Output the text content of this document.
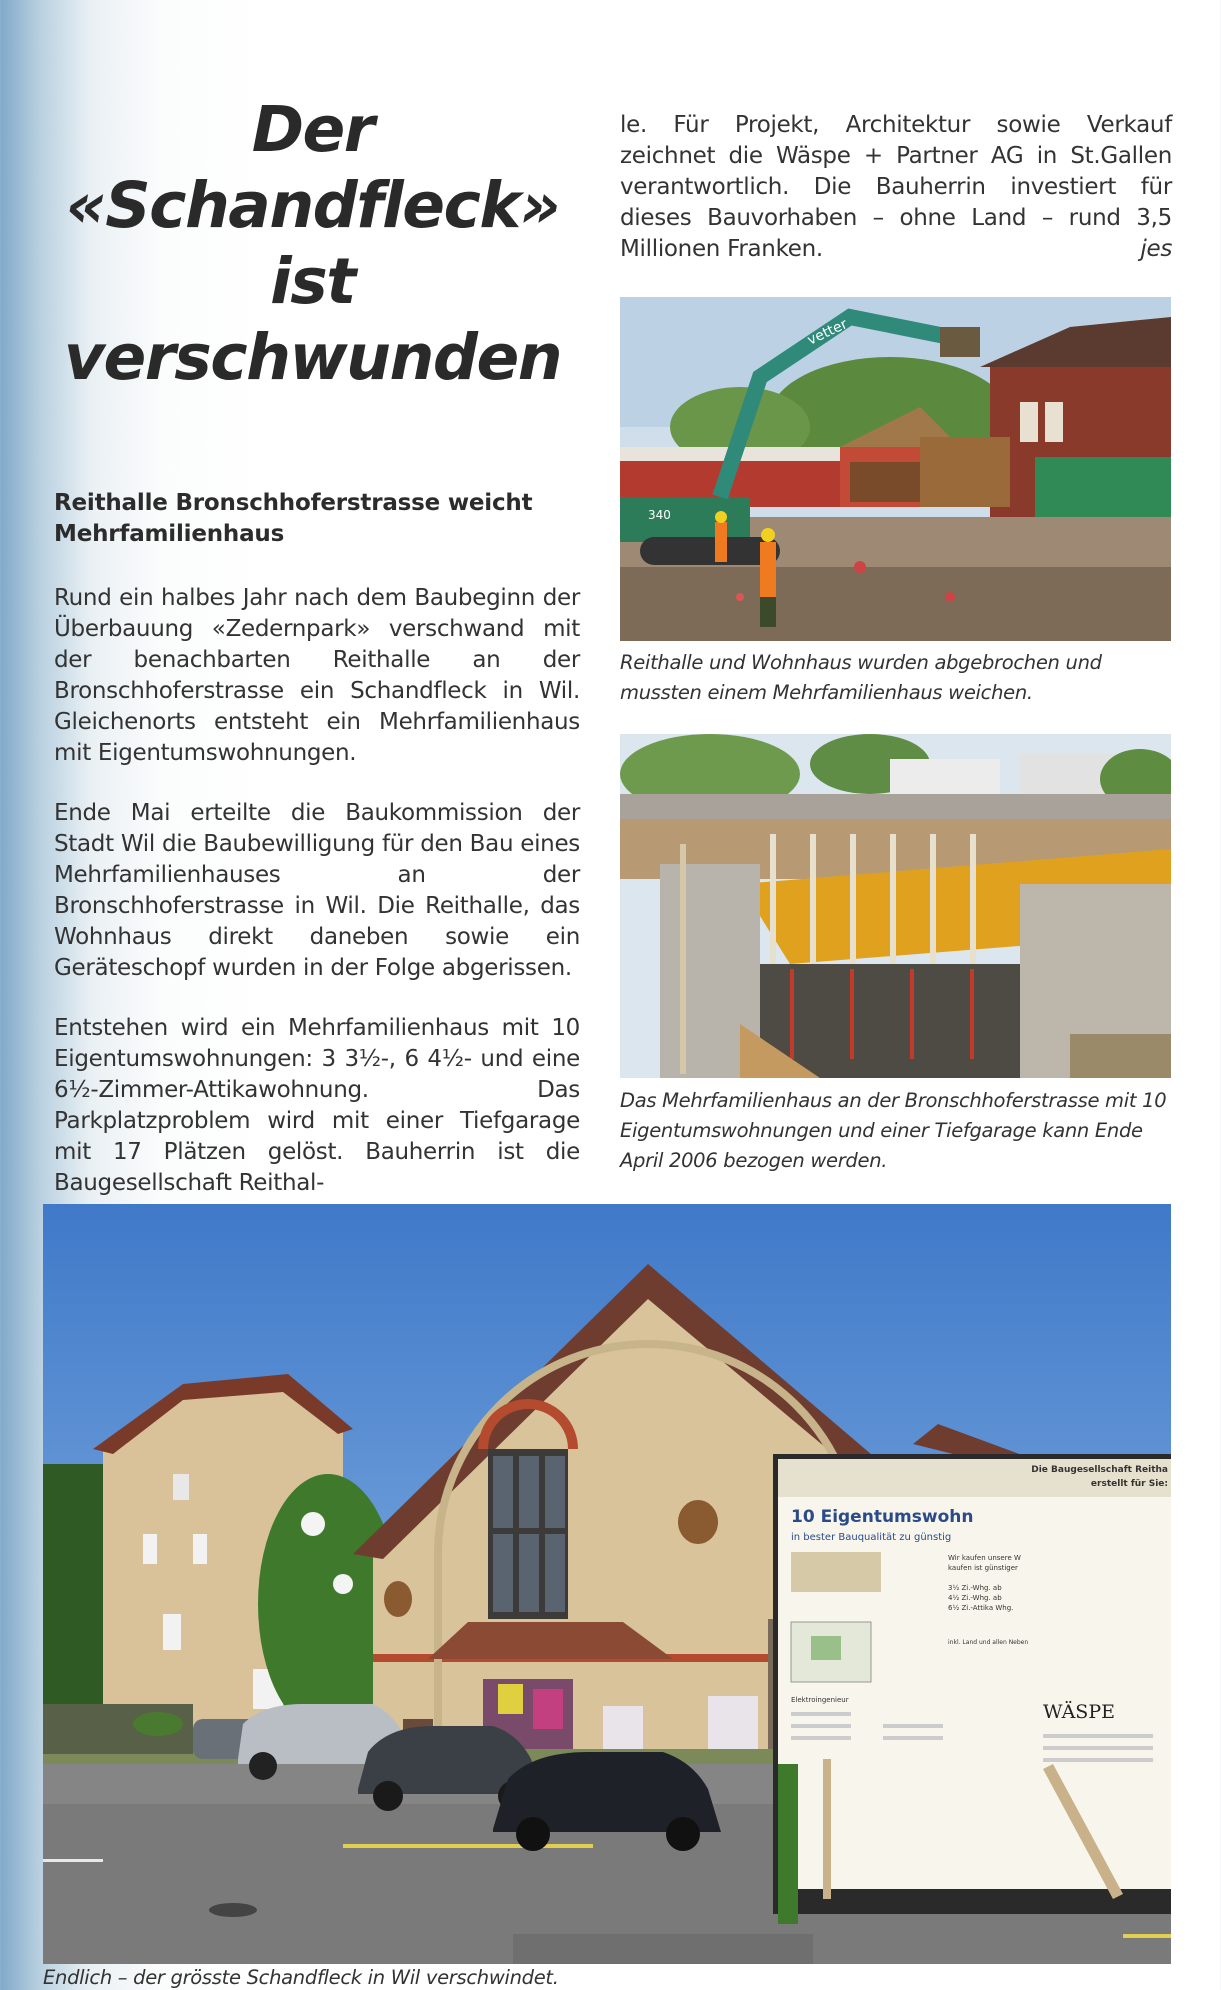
Der «Schandfleck»
ist verschwunden

le. Für Projekt, Architektur sowie Verkauf zeichnet die Wäspe + Partner AG in St.Gallen verantwortlich. Die Bauherrin investiert für dieses Bauvorhaben – ohne Land – rund 3,5 Millionen Franken.	jes
Reithalle Bronschhoferstrasse weicht Mehrfamilienhaus

Rund ein halbes Jahr nach dem Baubeginn der Überbauung «Zedernpark» verschwand mit der benachbarten Reithalle an der Bronschhoferstrasse ein Schandfleck in Wil. Gleichenorts entsteht ein Mehrfamilienhaus mit Eigentumswohnungen.

Ende Mai erteilte die Baukommission der Stadt Wil die Baubewilligung für den Bau eines Mehrfamilienhauses an der Bronschhoferstrasse in Wil. Die Reithalle, das Wohnhaus direkt daneben sowie ein Geräteschopf wurden in der Folge abgerissen.

Entstehen wird ein Mehrfamilienhaus mit 10 Eigentumswohnungen: 3 3½-, 6 4½- und eine 6½-Zimmer-Attikawohnung. Das Parkplatzproblem wird mit einer Tiefgarage mit 17 Plätzen gelöst. Bauherrin ist die Baugesellschaft Reithal-

vetter
340
Reithalle und Wohnhaus wurden abgebrochen und mussten einem Mehrfamilienhaus weichen.
Das Mehrfamilienhaus an der Bronschhoferstrasse mit 10 Eigentumswohnungen und einer Tiefgarage kann Ende April 2006 bezogen werden.
Die Baugesellschaft Reitha
erstellt für Sie:
10 Eigentumswohn
in bester Bauqualität zu günstig
Wir kaufen unsere W
kaufen ist günstiger
3½ Zi.-Whg. ab
4½ Zi.-Whg. ab
6½ Zi.-Attika Whg.
inkl. Land und allen Neben
Elektroingenieur
WÄSPE
Endlich – der grösste Schandfleck in Wil verschwindet.
